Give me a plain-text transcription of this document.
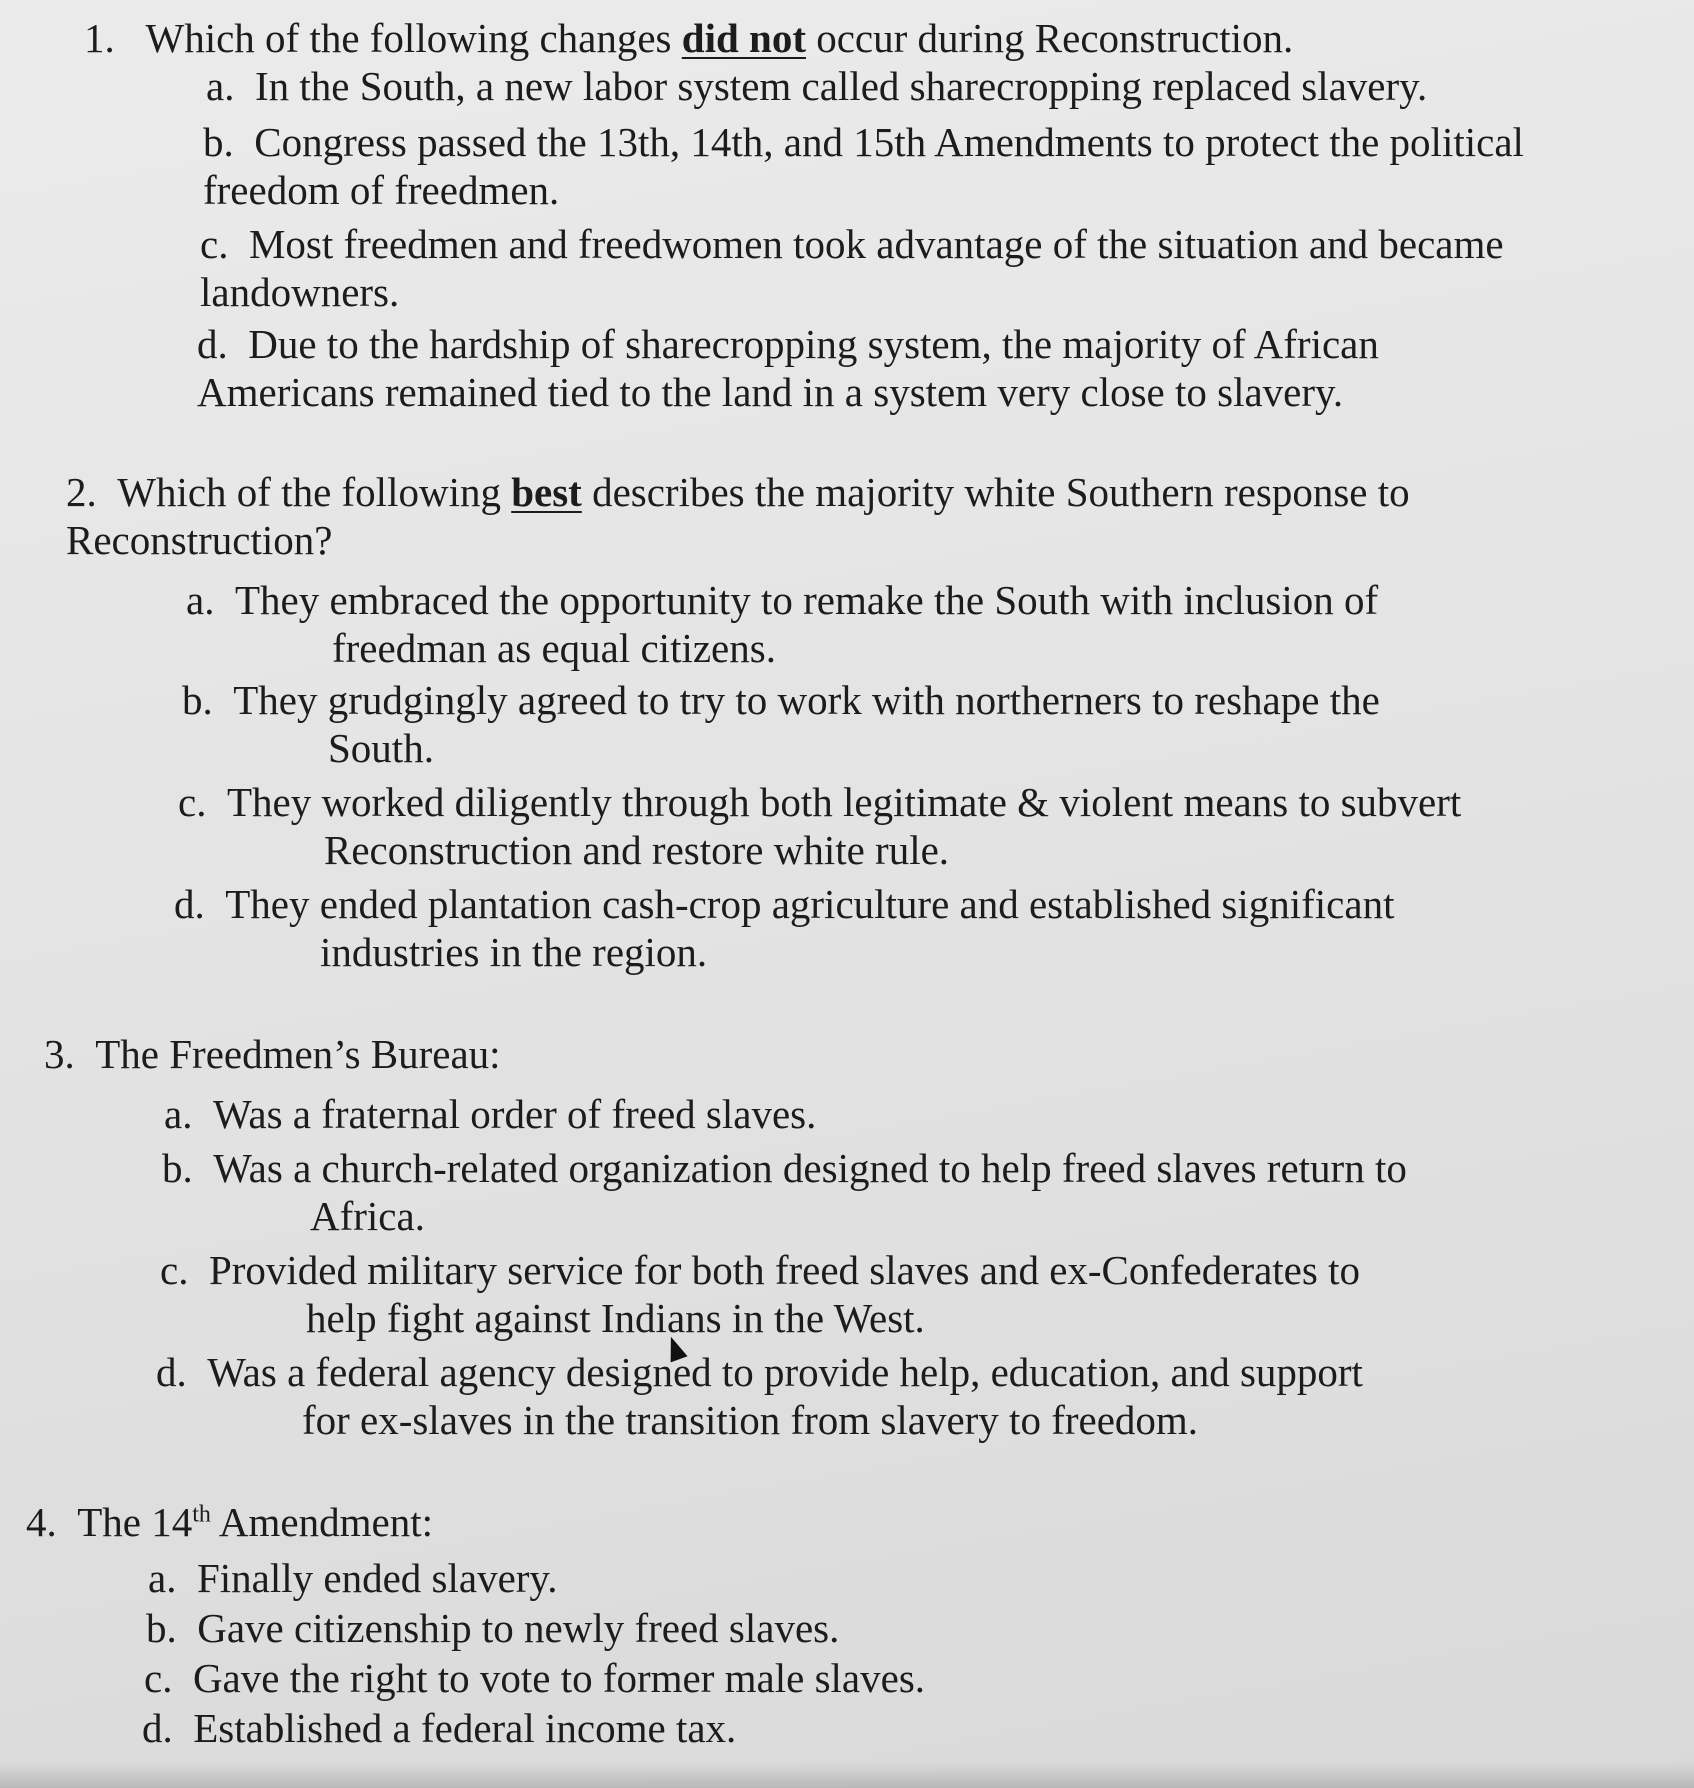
1. Which of the following changes did not occur during Reconstruction.
a. In the South, a new labor system called sharecropping replaced slavery.
b. Congress passed the 13th, 14th, and 15th Amendments to protect the political
freedom of freedmen.
c. Most freedmen and freedwomen took advantage of the situation and became
landowners.
d. Due to the hardship of sharecropping system, the majority of African
Americans remained tied to the land in a system very close to slavery.
2. Which of the following best describes the majority white Southern response to
Reconstruction?
a. They embraced the opportunity to remake the South with inclusion of
freedman as equal citizens.
b. They grudgingly agreed to try to work with northerners to reshape the
South.
c. They worked diligently through both legitimate & violent means to subvert
Reconstruction and restore white rule.
d. They ended plantation cash-crop agriculture and established significant
industries in the region.
3. The Freedmen’s Bureau:
a. Was a fraternal order of freed slaves.
b. Was a church-related organization designed to help freed slaves return to
Africa.
c. Provided military service for both freed slaves and ex-Confederates to
help fight against Indians in the West.
d. Was a federal agency designed to provide help, education, and support
for ex-slaves in the transition from slavery to freedom.
4. The 14th Amendment:
a. Finally ended slavery.
b. Gave citizenship to newly freed slaves.
c. Gave the right to vote to former male slaves.
d. Established a federal income tax.
